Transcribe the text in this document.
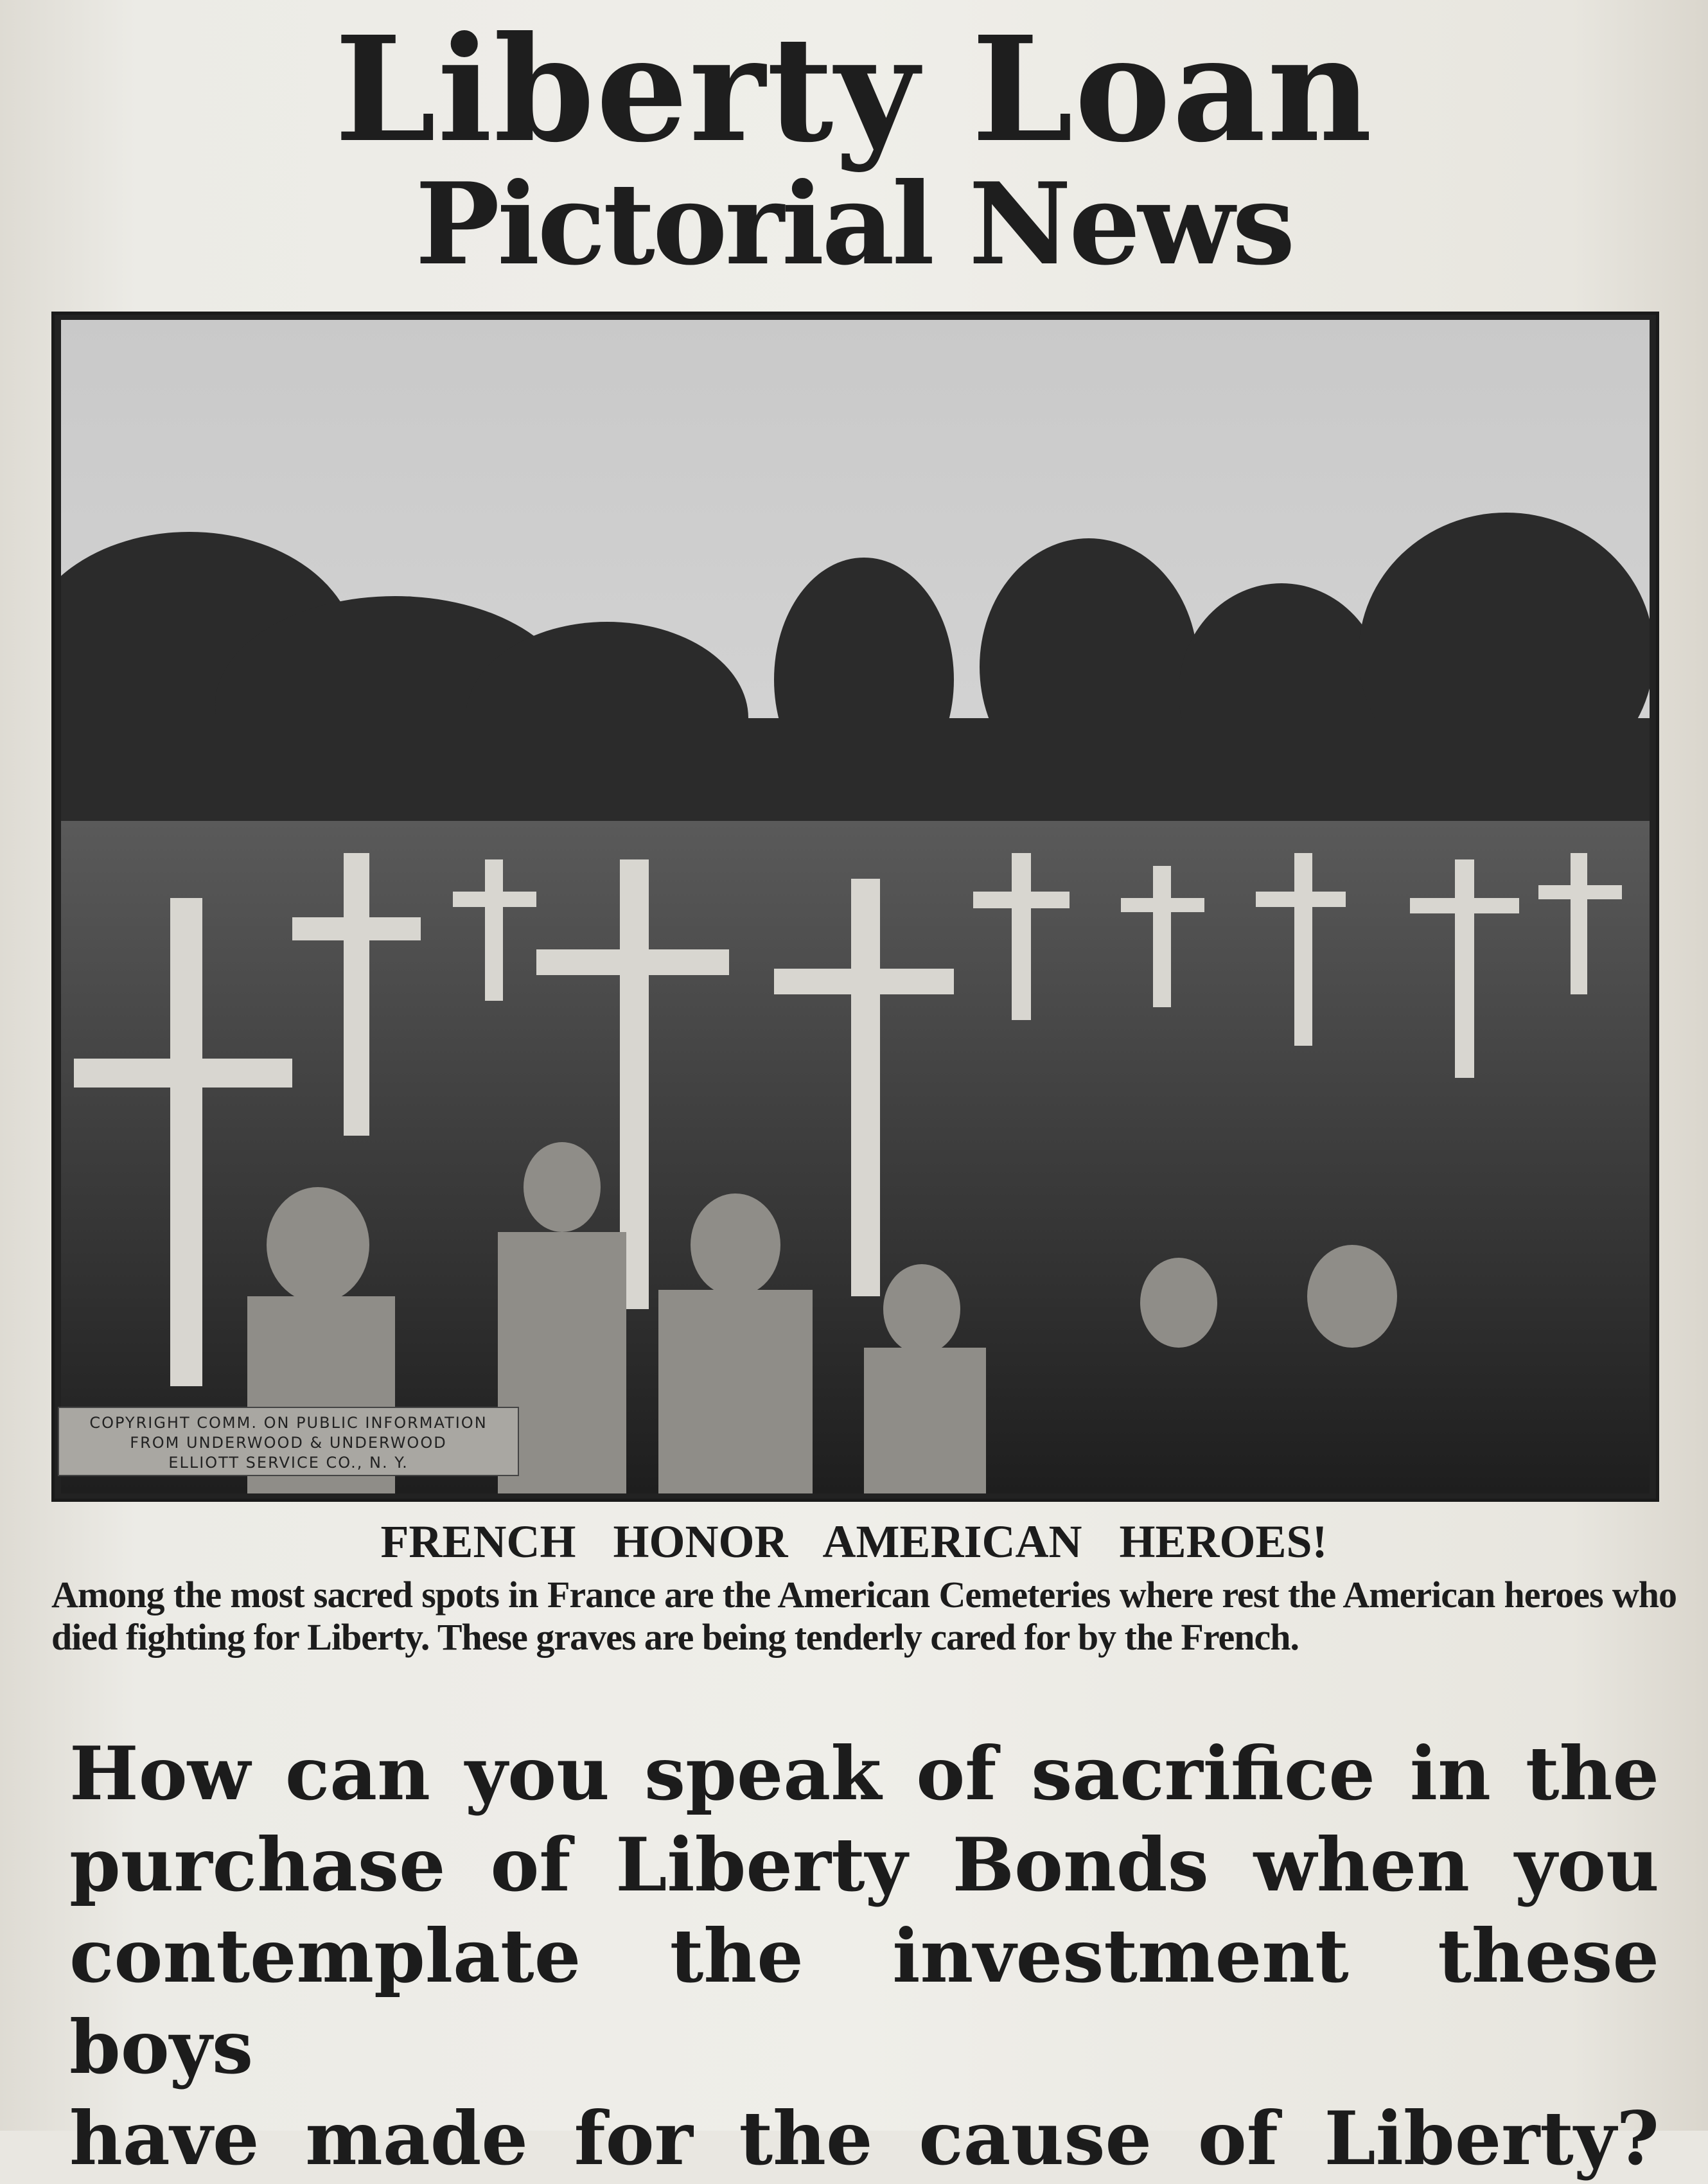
Liberty Loan
Pictorial News
COPYRIGHT COMM. ON PUBLIC INFORMATION
FROM UNDERWOOD & UNDERWOOD
ELLIOTT SERVICE CO., N. Y.
FRENCH HONOR AMERICAN HEROES!
Among the most sacred spots in France are the American Cemeteries where rest the American heroes who died fighting for Liberty. These graves are being tenderly cared for by the French.
How can you speak of sacrifice in the
purchase of Liberty Bonds when you
contemplate the investment these boys
have made for the cause of Liberty?
